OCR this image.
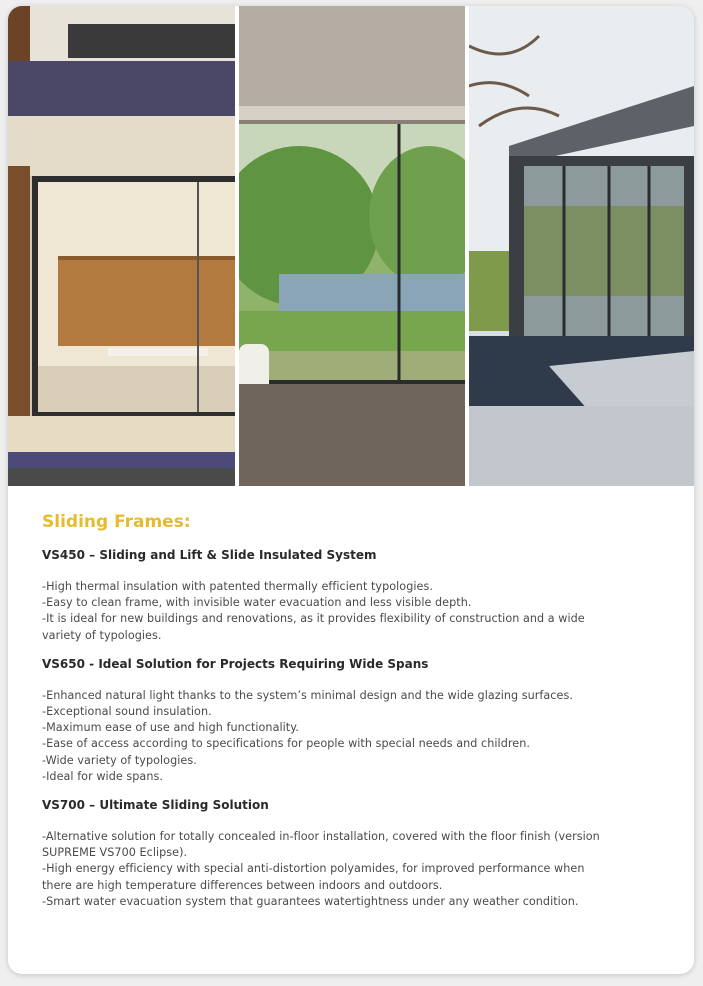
Sliding Frames:
VS450 – Sliding and Lift & Slide Insulated System
-High thermal insulation with patented thermally efficient typologies.
-Easy to clean frame, with invisible water evacuation and less visible depth.
-It is ideal for new buildings and renovations, as it provides flexibility of construction and a wide
variety of typologies.
VS650 - Ideal Solution for Projects Requiring Wide Spans
-Enhanced natural light thanks to the system’s minimal design and the wide glazing surfaces.
-Exceptional sound insulation.
-Maximum ease of use and high functionality.
-Ease of access according to specifications for people with special needs and children.
-Wide variety of typologies.
-Ideal for wide spans.
VS700 – Ultimate Sliding Solution
-Alternative solution for totally concealed in-floor installation, covered with the floor finish (version
SUPREME VS700 Eclipse).
-High energy efficiency with special anti-distortion polyamides, for improved performance when
there are high temperature differences between indoors and outdoors.
-Smart water evacuation system that guarantees watertightness under any weather condition.
